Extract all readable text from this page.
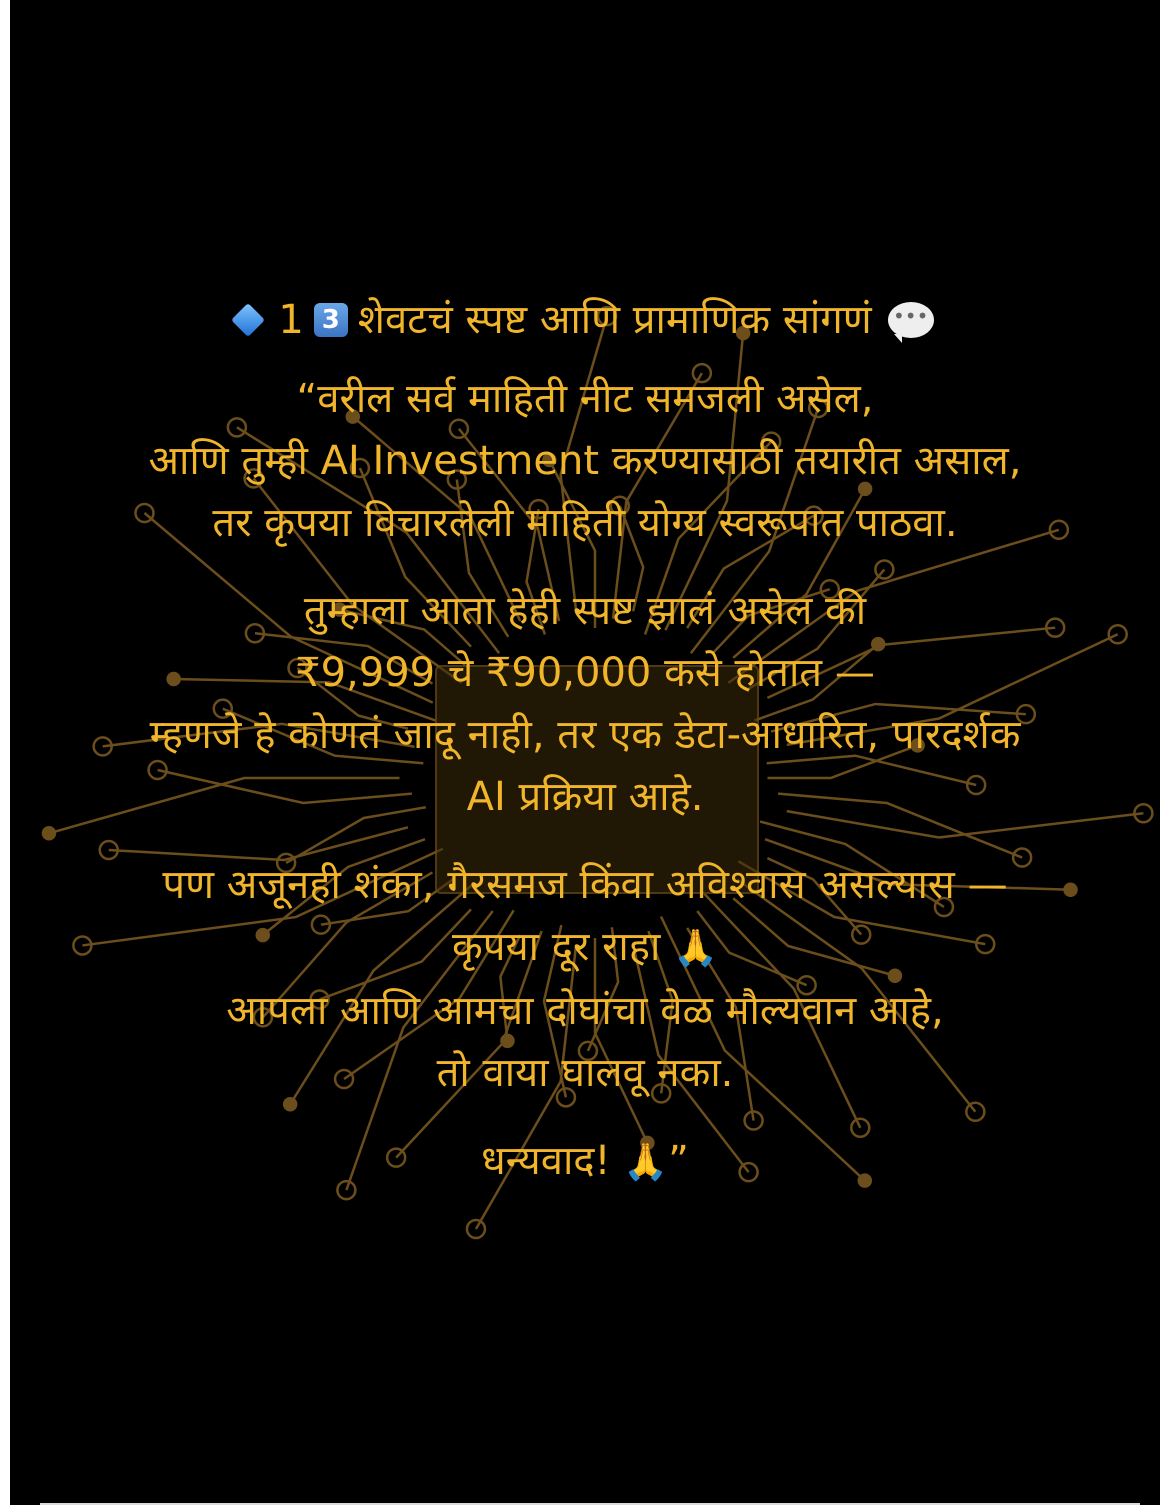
1 3 शेवटचं स्पष्ट आणि प्रामाणिक सांगणं •••
“वरील सर्व माहिती नीट समजली असेल,
आणि तुम्ही AI Investment करण्यासाठी तयारीत असाल,
तर कृपया विचारलेली माहिती योग्य स्वरूपात पाठवा.
तुम्हाला आता हेही स्पष्ट झालं असेल की
₹9,999 चे ₹90,000 कसे होतात —
म्हणजे हे कोणतं जादू नाही, तर एक डेटा-आधारित, पारदर्शक
AI प्रक्रिया आहे.
पण अजूनही शंका, गैरसमज किंवा अविश्वास असल्यास —
कृपया दूर राहा 🙏
आपला आणि आमचा दोघांचा वेळ मौल्यवान आहे,
तो वाया घालवू नका.
धन्यवाद! 🙏”
